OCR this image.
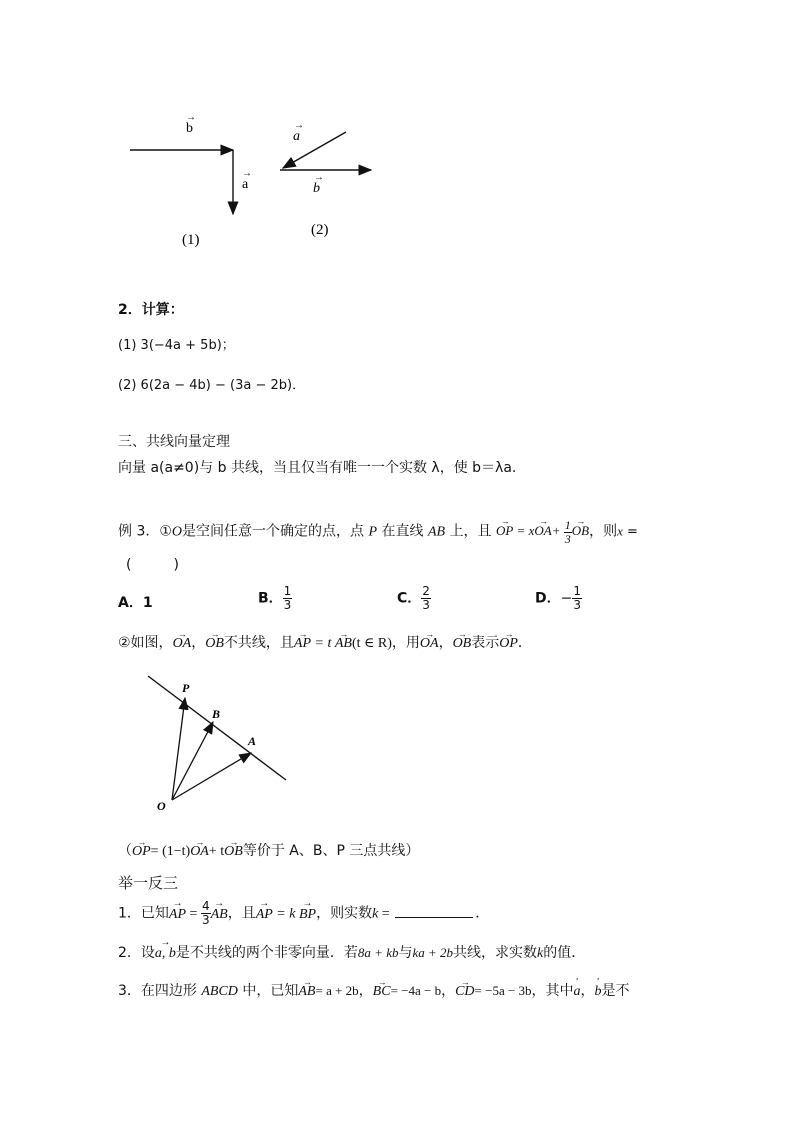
b
→
a
→
(1)
a
→
b
→
(2)
2．计算：
(1) 3(−4a + 5b)；
(2) 6(2a − 4b) − (3a − 2b)．
三、共线向量定理
向量 a(a≠0)与 b 共线，当且仅当有唯一一个实数 λ，使 b＝λa.
例 3．①O是空间任意一个确定的点，点 P 在直线 AB 上，且 → OP = $x\to OA+ \frac{1}{3}$ → OB，则x =
(　　　)
A．1	B． $\frac{1}{3}$	C． $\frac{2}{3}$	D．− $\frac{1}{3}$
②如图，→ OA，→ OB不共线，且→ AP = t → AB(t ∈ R)，用→ OA，→ OB表示→ OP．
P
B
A
O
（→ OP= (1−t)→ OA+ t→ OB等价于 A、B、P 三点共线）
举一反三
1．已知→ AP = $\frac{4}{3}$ → AB，且→ AP = k → BP，则实数k =	．
2．设→ a, b是不共线的两个非零向量．若8a + kb与ka + 2b共线，求实数k的值．
3．在四边形 ABCD 中，已知→ AB= a + 2b，→ BC= −4a − b，→ CD= −5a − 3b，其中' a，' b是不
